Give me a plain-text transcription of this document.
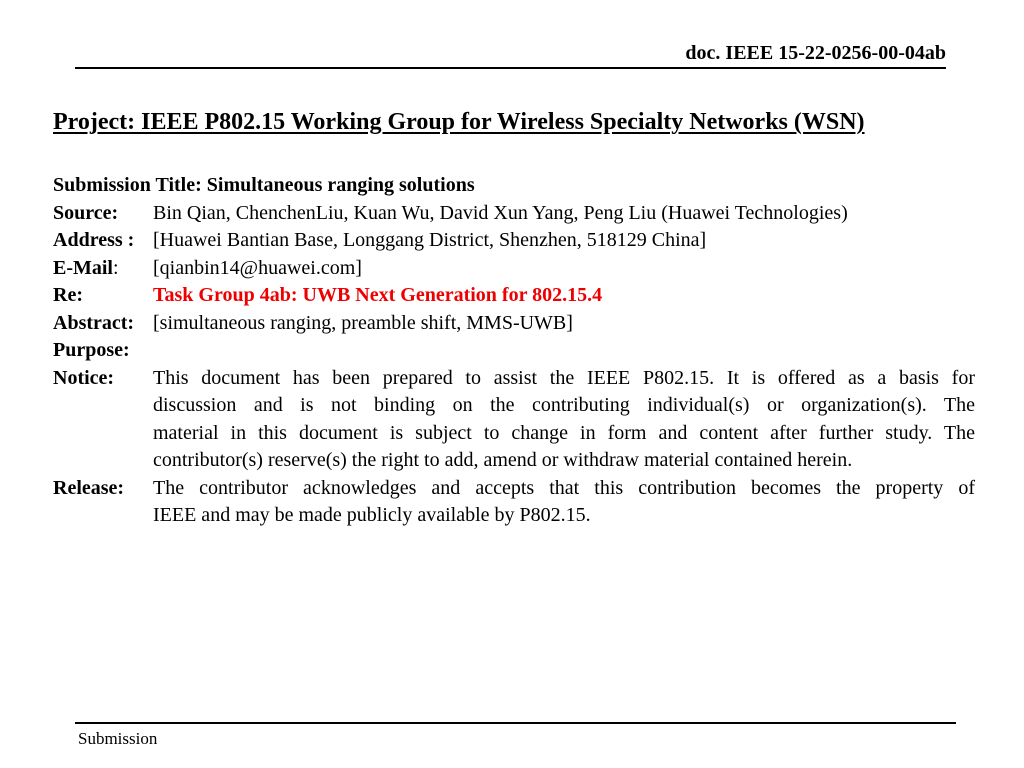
doc. IEEE 15-22-0256-00-04ab
Project: IEEE P802.15 Working Group for Wireless Specialty Networks (WSN)
Submission Title: Simultaneous ranging solutions
Source:	Bin Qian, ChenchenLiu, Kuan Wu, David Xun Yang, Peng Liu (Huawei Technologies)
Address : [Huawei Bantian Base, Longgang District, Shenzhen, 518129 China]
E-Mail:	[qianbin14@huawei.com]
Re:	Task Group 4ab: UWB Next Generation for 802.15.4
Abstract: [simultaneous ranging, preamble shift, MMS-UWB]
Purpose:
Notice:	This document has been prepared to assist the IEEE P802.15. It is offered as a basis for
discussion and is not binding on the contributing individual(s) or organization(s). The
material in this document is subject to change in form and content after further study. The
contributor(s) reserve(s) the right to add, amend or withdraw material contained herein.
Release:	The contributor acknowledges and accepts that this contribution becomes the property of
IEEE and may be made publicly available by P802.15.
Submission
